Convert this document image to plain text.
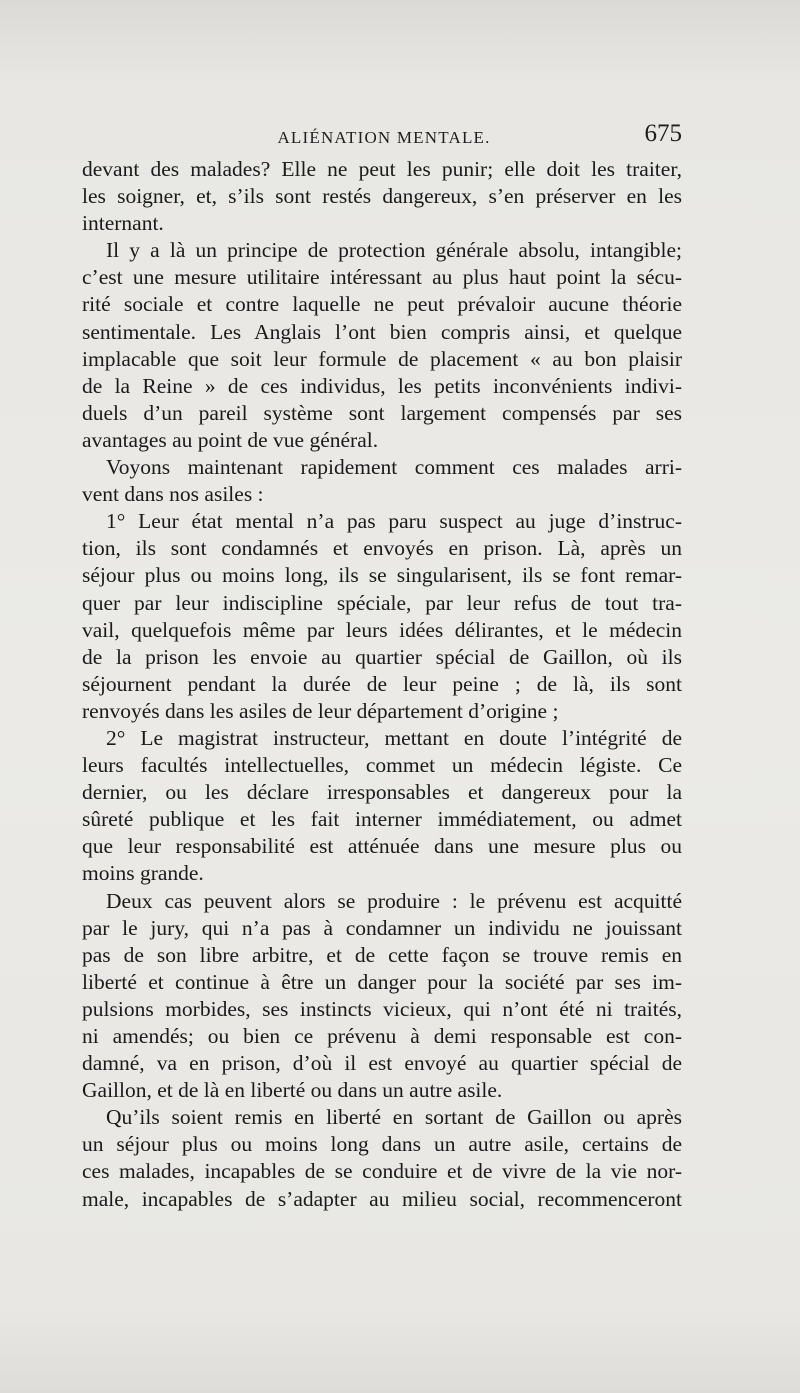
ALIÉNATION MENTALE.	675
devant des malades? Elle ne peut les punir; elle doit les traiter,
les soigner, et, s’ils sont restés dangereux, s’en préserver en les
internant.
Il y a là un principe de protection générale absolu, intangible;
c’est une mesure utilitaire intéressant au plus haut point la sécu-
rité sociale et contre laquelle ne peut prévaloir aucune théorie
sentimentale. Les Anglais l’ont bien compris ainsi, et quelque
implacable que soit leur formule de placement « au bon plaisir
de la Reine » de ces individus, les petits inconvénients indivi-
duels d’un pareil système sont largement compensés par ses
avantages au point de vue général.
Voyons maintenant rapidement comment ces malades arri-
vent dans nos asiles :
1° Leur état mental n’a pas paru suspect au juge d’instruc-
tion, ils sont condamnés et envoyés en prison. Là, après un
séjour plus ou moins long, ils se singularisent, ils se font remar-
quer par leur indiscipline spéciale, par leur refus de tout tra-
vail, quelquefois même par leurs idées délirantes, et le médecin
de la prison les envoie au quartier spécial de Gaillon, où ils
séjournent pendant la durée de leur peine ; de là, ils sont
renvoyés dans les asiles de leur département d’origine ;
2° Le magistrat instructeur, mettant en doute l’intégrité de
leurs facultés intellectuelles, commet un médecin légiste. Ce
dernier, ou les déclare irresponsables et dangereux pour la
sûreté publique et les fait interner immédiatement, ou admet
que leur responsabilité est atténuée dans une mesure plus ou
moins grande.
Deux cas peuvent alors se produire : le prévenu est acquitté
par le jury, qui n’a pas à condamner un individu ne jouissant
pas de son libre arbitre, et de cette façon se trouve remis en
liberté et continue à être un danger pour la société par ses im-
pulsions morbides, ses instincts vicieux, qui n’ont été ni traités,
ni amendés; ou bien ce prévenu à demi responsable est con-
damné, va en prison, d’où il est envoyé au quartier spécial de
Gaillon, et de là en liberté ou dans un autre asile.
Qu’ils soient remis en liberté en sortant de Gaillon ou après
un séjour plus ou moins long dans un autre asile, certains de
ces malades, incapables de se conduire et de vivre de la vie nor-
male, incapables de s’adapter au milieu social, recommenceront
